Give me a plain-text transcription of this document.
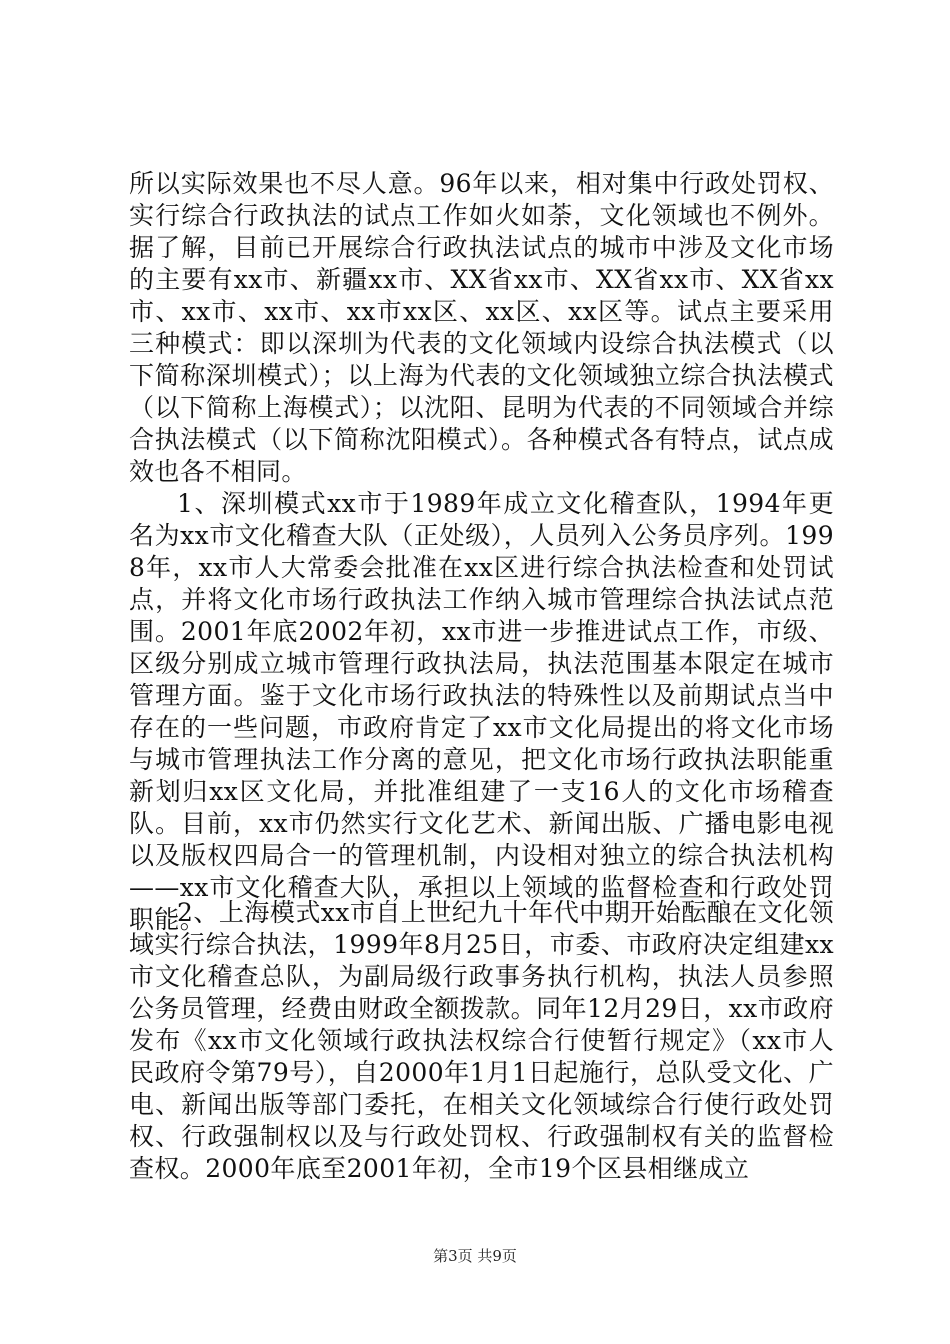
所以实际效果也不尽人意。96年以来，相对集中行政处罚权、实行综合行政执法的试点工作如火如荼，文化领域也不例外。据了解，目前已开展综合行政执法试点的城市中涉及文化市场的主要有xx市、新疆xx市、XX省xx市、XX省xx市、XX省xx市、xx市、xx市、xx市xx区、xx区、xx区等。试点主要采用三种模式：即以深圳为代表的文化领域内设综合执法模式（以下简称深圳模式）；以上海为代表的文化领域独立综合执法模式（以下简称上海模式）；以沈阳、昆明为代表的不同领域合并综合执法模式（以下简称沈阳模式）。各种模式各有特点，试点成效也各不相同。

1、深圳模式xx市于1989年成立文化稽查队，1994年更名为xx市文化稽查大队（正处级），人员列入公务员序列。1998年，xx市人大常委会批准在xx区进行综合执法检查和处罚试点，并将文化市场行政执法工作纳入城市管理综合执法试点范围。2001年底2002年初，xx市进一步推进试点工作，市级、区级分别成立城市管理行政执法局，执法范围基本限定在城市管理方面。鉴于文化市场行政执法的特殊性以及前期试点当中存在的一些问题，市政府肯定了xx市文化局提出的将文化市场与城市管理执法工作分离的意见，把文化市场行政执法职能重新划归xx区文化局，并批准组建了一支16人的文化市场稽查队。目前，xx市仍然实行文化艺术、新闻出版、广播电影电视以及版权四局合一的管理机制，内设相对独立的综合执法机构——xx市文化稽查大队，承担以上领域的监督检查和行政处罚职能。

2、上海模式xx市自上世纪九十年代中期开始酝酿在文化领域实行综合执法，1999年8月25日，市委、市政府决定组建xx市文化稽查总队，为副局级行政事务执行机构，执法人员参照公务员管理，经费由财政全额拨款。同年12月29日，xx市政府发布《xx市文化领域行政执法权综合行使暂行规定》（xx市人民政府令第79号），自2000年1月1日起施行，总队受文化、广电、新闻出版等部门委托，在相关文化领域综合行使行政处罚权、行政强制权以及与行政处罚权、行政强制权有关的监督检查权。2000年底至2001年初，全市19个区县相继成立

第3页 共9页
